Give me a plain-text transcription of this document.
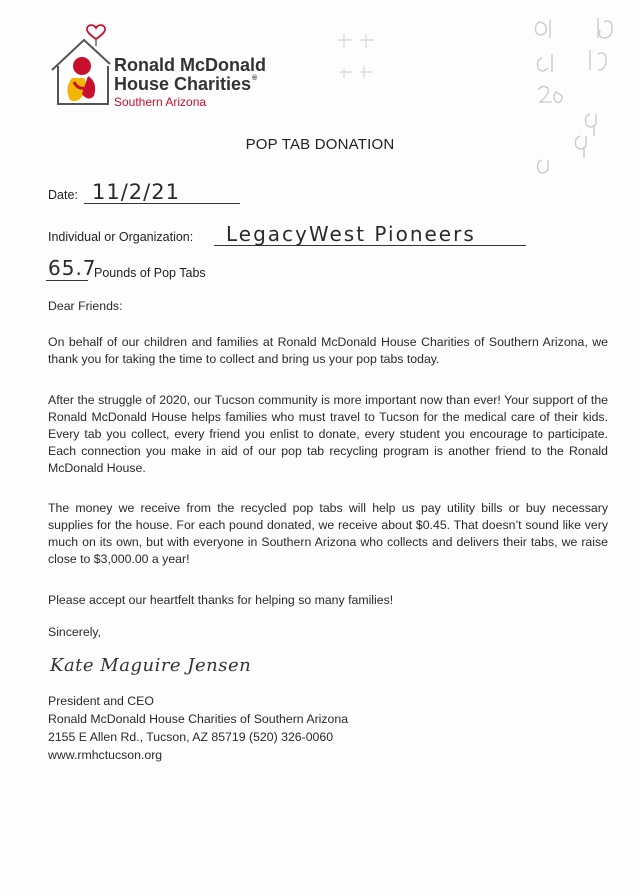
Ronald McDonald
House Charities®
Southern Arizona
POP TAB DONATION
Date: 11/2/21
Individual or Organization: LegacyWest Pioneers
65.7
Pounds of Pop Tabs
Dear Friends:
On behalf of our children and families at Ronald McDonald House Charities of Southern Arizona, we thank you for taking the time to collect and bring us your pop tabs today.
After the struggle of 2020, our Tucson community is more important now than ever! Your support of the Ronald McDonald House helps families who must travel to Tucson for the medical care of their kids. Every tab you collect, every friend you enlist to donate, every student you encourage to participate. Each connection you make in aid of our pop tab recycling program is another friend to the Ronald McDonald House.
The money we receive from the recycled pop tabs will help us pay utility bills or buy necessary supplies for the house. For each pound donated, we receive about $0.45. That doesn’t sound like very much on its own, but with everyone in Southern Arizona who collects and delivers their tabs, we raise close to $3,000.00 a year!
Please accept our heartfelt thanks for helping so many families!
Sincerely,
Kate Maguire Jensen
President and CEO
Ronald McDonald House Charities of Southern Arizona
2155 E Allen Rd., Tucson, AZ 85719 (520) 326-0060
www.rmhctucson.org
